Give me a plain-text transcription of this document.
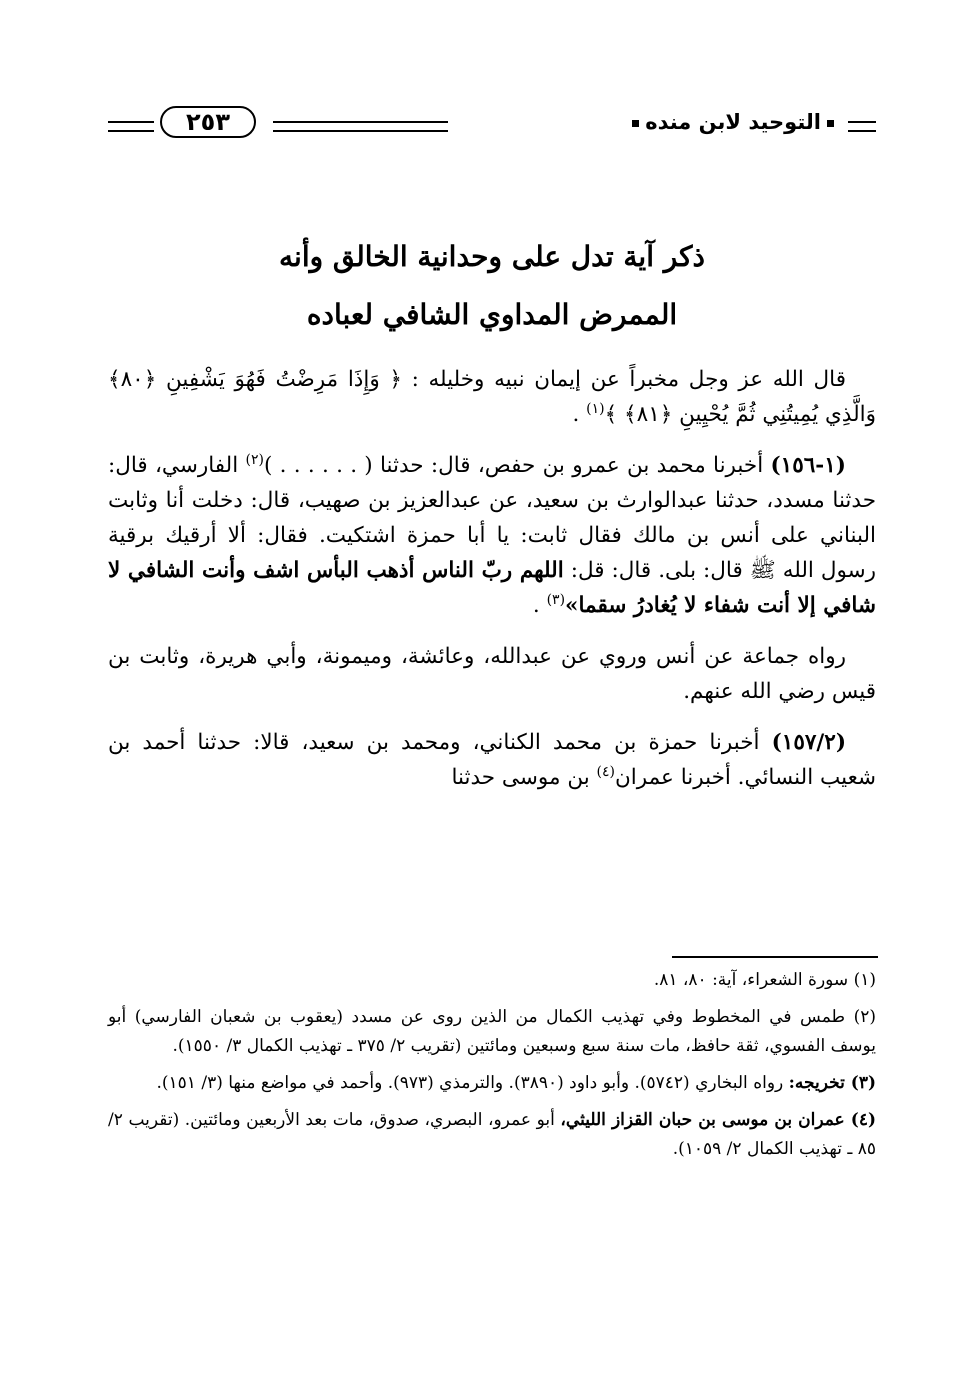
التوحيد لابن منده
٢٥٣
ذكر آية تدل على وحدانية الخالق وأنه
الممرض المداوي الشافي لعباده

قال الله عز وجل مخبراً عن إيمان نبيه وخليله : ﴿ وَإِذَا مَرِضْتُ فَهُوَ يَشْفِينِ ﴿٨٠﴾ وَالَّذِي يُمِيتُنِي ثُمَّ يُحْيِينِ ﴿٨١﴾ ﴾$^{(١)}$ .

(١-١٥٦) أخبرنا محمد بن عمرو بن حفص، قال: حدثنا ( . . . . . . )$^{(٢)}$ الفارسي، قال: حدثنا مسدد، حدثنا عبدالوارث بن سعيد، عن عبدالعزيز بن صهيب، قال: دخلت أنا وثابت البناني على أنس بن مالك فقال ثابت: يا أبا حمزة اشتكيت. فقال: ألا أرقيك برقية رسول الله ﷺ قال: بلى. قال: قل: اللهم ربّ الناس أذهب البأس اشف وأنت الشافي لا شافي إلا أنت شفاء لا يُغادرُ سقما»$^{(٣)}$ .

رواه جماعة عن أنس وروي عن عبدالله، وعائشة، وميمونة، وأبي هريرة، وثابت بن قيس رضي الله عنهم.

(١٥٧/٢) أخبرنا حمزة بن محمد الكناني، ومحمد بن سعيد، قالا: حدثنا أحمد بن شعيب النسائي. أخبرنا عمران$^{(٤)}$ بن موسى حدثنا

(١) سورة الشعراء، آية: ٨٠، ٨١.

(٢) طمس في المخطوط وفي تهذيب الكمال من الذين روى عن مسدد (يعقوب بن شعبان الفارسي) أبو يوسف الفسوي، ثقة حافظ، مات سنة سبع وسبعين ومائتين (تقريب ٢/ ٣٧٥ ـ تهذيب الكمال ٣/ ١٥٥٠).

(٣) تخريجه: رواه البخاري (٥٧٤٢). وأبو داود (٣٨٩٠). والترمذي (٩٧٣). وأحمد في مواضع منها (٣/ ١٥١).

(٤) عمران بن موسى بن حبان القزاز الليثي، أبو عمرو، البصري، صدوق، مات بعد الأربعين ومائتين. (تقريب ٢/ ٨٥ ـ تهذيب الكمال ٢/ ١٠٥٩).
